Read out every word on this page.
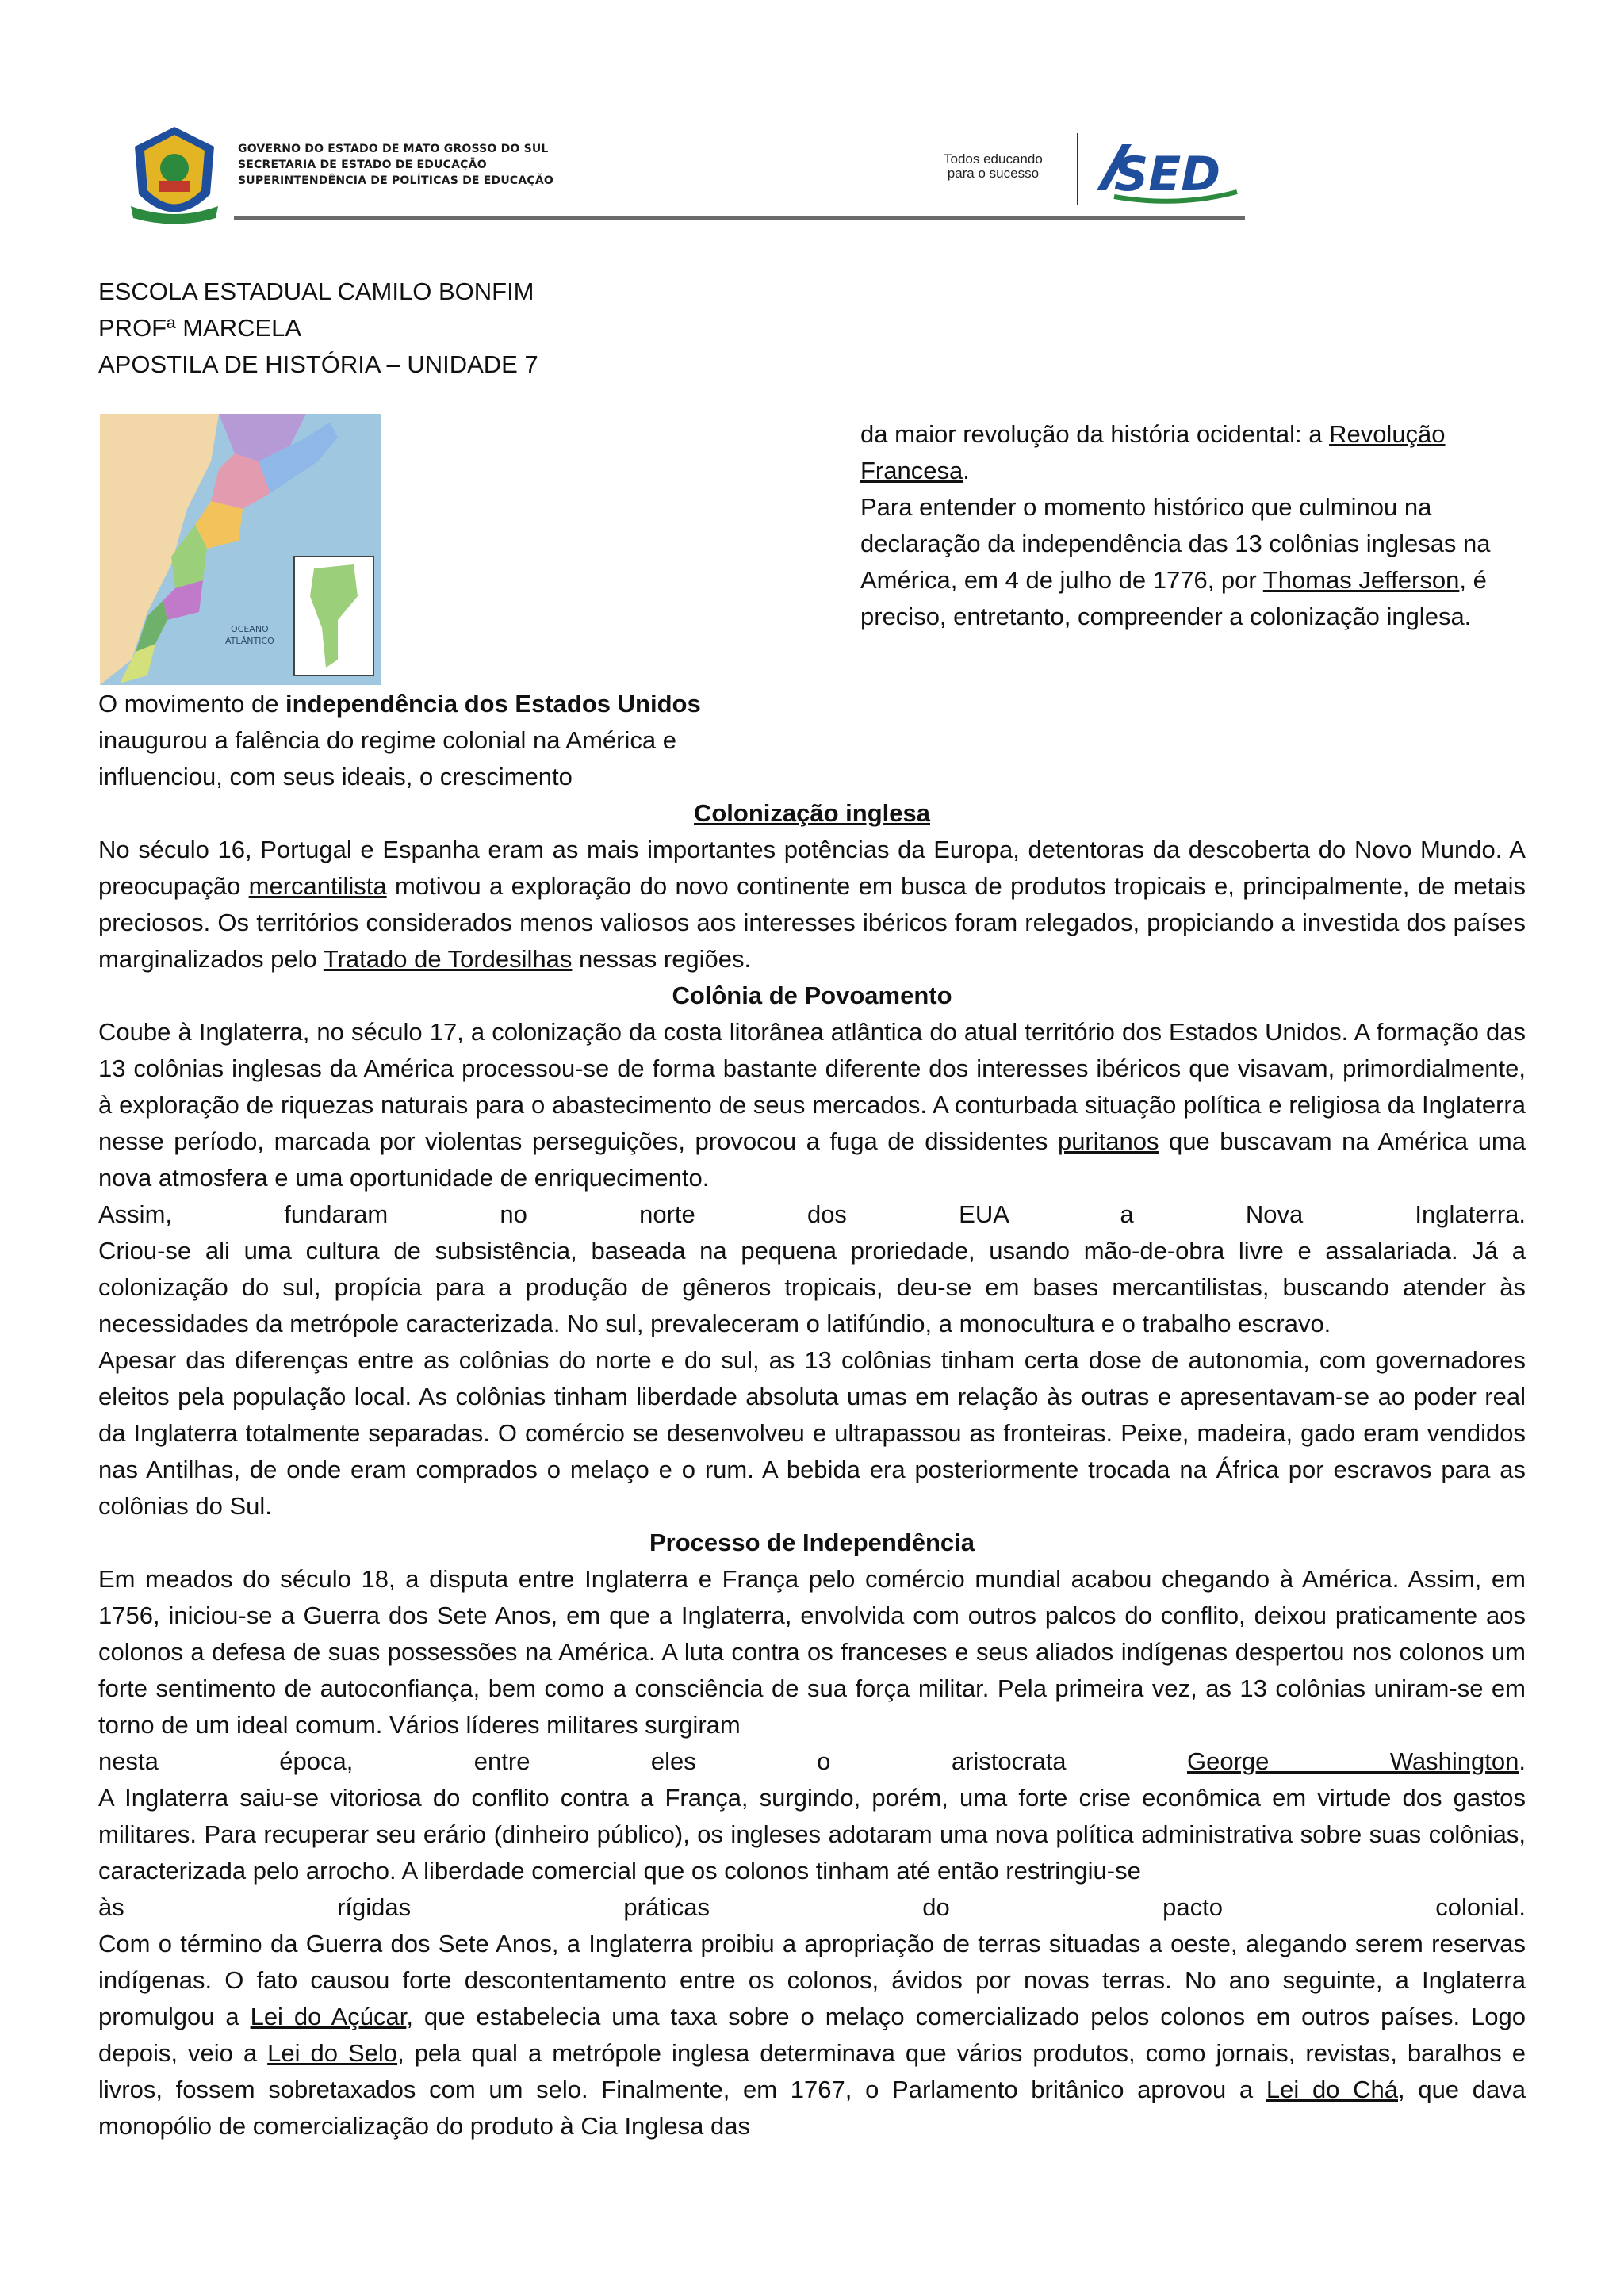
GOVERNO DO ESTADO DE MATO GROSSO DO SUL
SECRETARIA DE ESTADO DE EDUCAÇÃO
SUPERINTENDÊNCIA DE POLÍTICAS DE EDUCAÇÃO
Todos educando
para o sucesso SED
ESCOLA ESTADUAL CAMILO BONFIM
PROFª MARCELA
APOSTILA DE HISTÓRIA – UNIDADE 7
OCEANO
ATLÂNTICO
da maior revolução da história ocidental: a Revolução Francesa.
Para entender o momento histórico que culminou na declaração da independência das 13 colônias inglesas na América, em 4 de julho de 1776, por Thomas Jefferson, é preciso, entretanto, compreender a colonização inglesa.
O movimento de independência dos Estados Unidos inaugurou a falência do regime colonial na América e influenciou, com seus ideais, o crescimento
Colonização inglesa

No século 16, Portugal e Espanha eram as mais importantes potências da Europa, detentoras da descoberta do Novo Mundo. A preocupação mercantilista motivou a exploração do novo continente em busca de produtos tropicais e, principalmente, de metais preciosos. Os territórios considerados menos valiosos aos interesses ibéricos foram relegados, propiciando a investida dos países marginalizados pelo Tratado de Tordesilhas nessas regiões.

Colônia de Povoamento

Coube à Inglaterra, no século 17, a colonização da costa litorânea atlântica do atual território dos Estados Unidos. A formação das 13 colônias inglesas da América processou-se de forma bastante diferente dos interesses ibéricos que visavam, primordialmente, à exploração de riquezas naturais para o abastecimento de seus mercados. A conturbada situação política e religiosa da Inglaterra nesse período, marcada por violentas perseguições, provocou a fuga de dissidentes puritanos que buscavam na América uma nova atmosfera e uma oportunidade de enriquecimento.

Assim, fundaram no norte dos EUA a Nova Inglaterra.

Criou-se ali uma cultura de subsistência, baseada na pequena proriedade, usando mão-de-obra livre e assalariada. Já a colonização do sul, propícia para a produção de gêneros tropicais, deu-se em bases mercantilistas, buscando atender às necessidades da metrópole caracterizada. No sul, prevaleceram o latifúndio, a monocultura e o trabalho escravo.

Apesar das diferenças entre as colônias do norte e do sul, as 13 colônias tinham certa dose de autonomia, com governadores eleitos pela população local. As colônias tinham liberdade absoluta umas em relação às outras e apresentavam-se ao poder real da Inglaterra totalmente separadas. O comércio se desenvolveu e ultrapassou as fronteiras. Peixe, madeira, gado eram vendidos nas Antilhas, de onde eram comprados o melaço e o rum. A bebida era posteriormente trocada na África por escravos para as colônias do Sul.

Processo de Independência

Em meados do século 18, a disputa entre Inglaterra e França pelo comércio mundial acabou chegando à América. Assim, em 1756, iniciou-se a Guerra dos Sete Anos, em que a Inglaterra, envolvida com outros palcos do conflito, deixou praticamente aos colonos a defesa de suas possessões na América. A luta contra os franceses e seus aliados indígenas despertou nos colonos um forte sentimento de autoconfiança, bem como a consciência de sua força militar. Pela primeira vez, as 13 colônias uniram-se em torno de um ideal comum. Vários líderes militares surgiram

nesta época, entre eles o aristocrata George Washington.

A Inglaterra saiu-se vitoriosa do conflito contra a França, surgindo, porém, uma forte crise econômica em virtude dos gastos militares. Para recuperar seu erário (dinheiro público), os ingleses adotaram uma nova política administrativa sobre suas colônias, caracterizada pelo arrocho. A liberdade comercial que os colonos tinham até então restringiu-se

às rígidas práticas do pacto colonial.

Com o término da Guerra dos Sete Anos, a Inglaterra proibiu a apropriação de terras situadas a oeste, alegando serem reservas indígenas. O fato causou forte descontentamento entre os colonos, ávidos por novas terras. No ano seguinte, a Inglaterra promulgou a Lei do Açúcar, que estabelecia uma taxa sobre o melaço comercializado pelos colonos em outros países. Logo depois, veio a Lei do Selo, pela qual a metrópole inglesa determinava que vários produtos, como jornais, revistas, baralhos e livros, fossem sobretaxados com um selo. Finalmente, em 1767, o Parlamento britânico aprovou a Lei do Chá, que dava monopólio de comercialização do produto à Cia Inglesa das
